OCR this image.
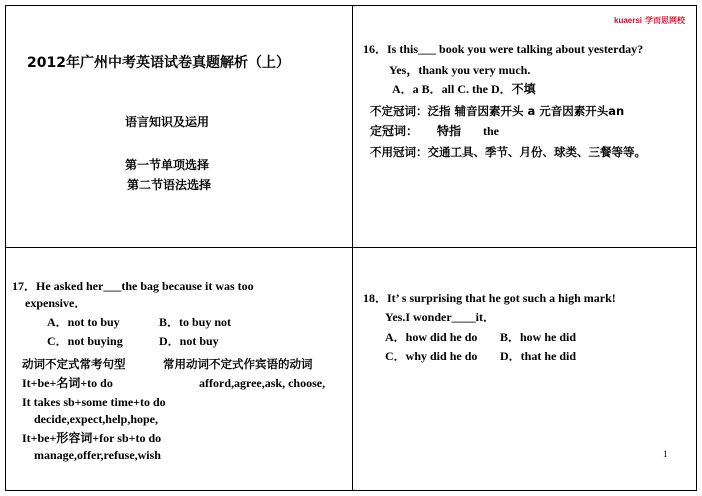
2012年广州中考英语试卷真题解析（上）
语言知识及运用
第一节单项选择
第二节语法选择
kuaersi 学而思网校
16．Is this___ book you were talking about yesterday?
Yes，thank you very much.
A．a B．all C. the D．不填
不定冠词：泛指 辅音因素开头 a 元音因素开头an
定冠词： 特指 the
不用冠词：交通工具、季节、月份、球类、三餐等等。
17．He asked her___the bag because it was too
expensive．
A．not to buy	B．to buy not
C．not buying	D．not buy
动词不定式常考句型	常用动词不定式作宾语的动词
It+be+名词+to do	afford,agree,ask, choose,
It takes sb+some time+to do
decide,expect,help,hope,
It+be+形容词+for sb+to do
manage,offer,refuse,wish
18．It’ s surprising that he got such a high mark!
Yes.I wonder____it．
A．how did he do B．how he did
C．why did he do D．that he did
1
